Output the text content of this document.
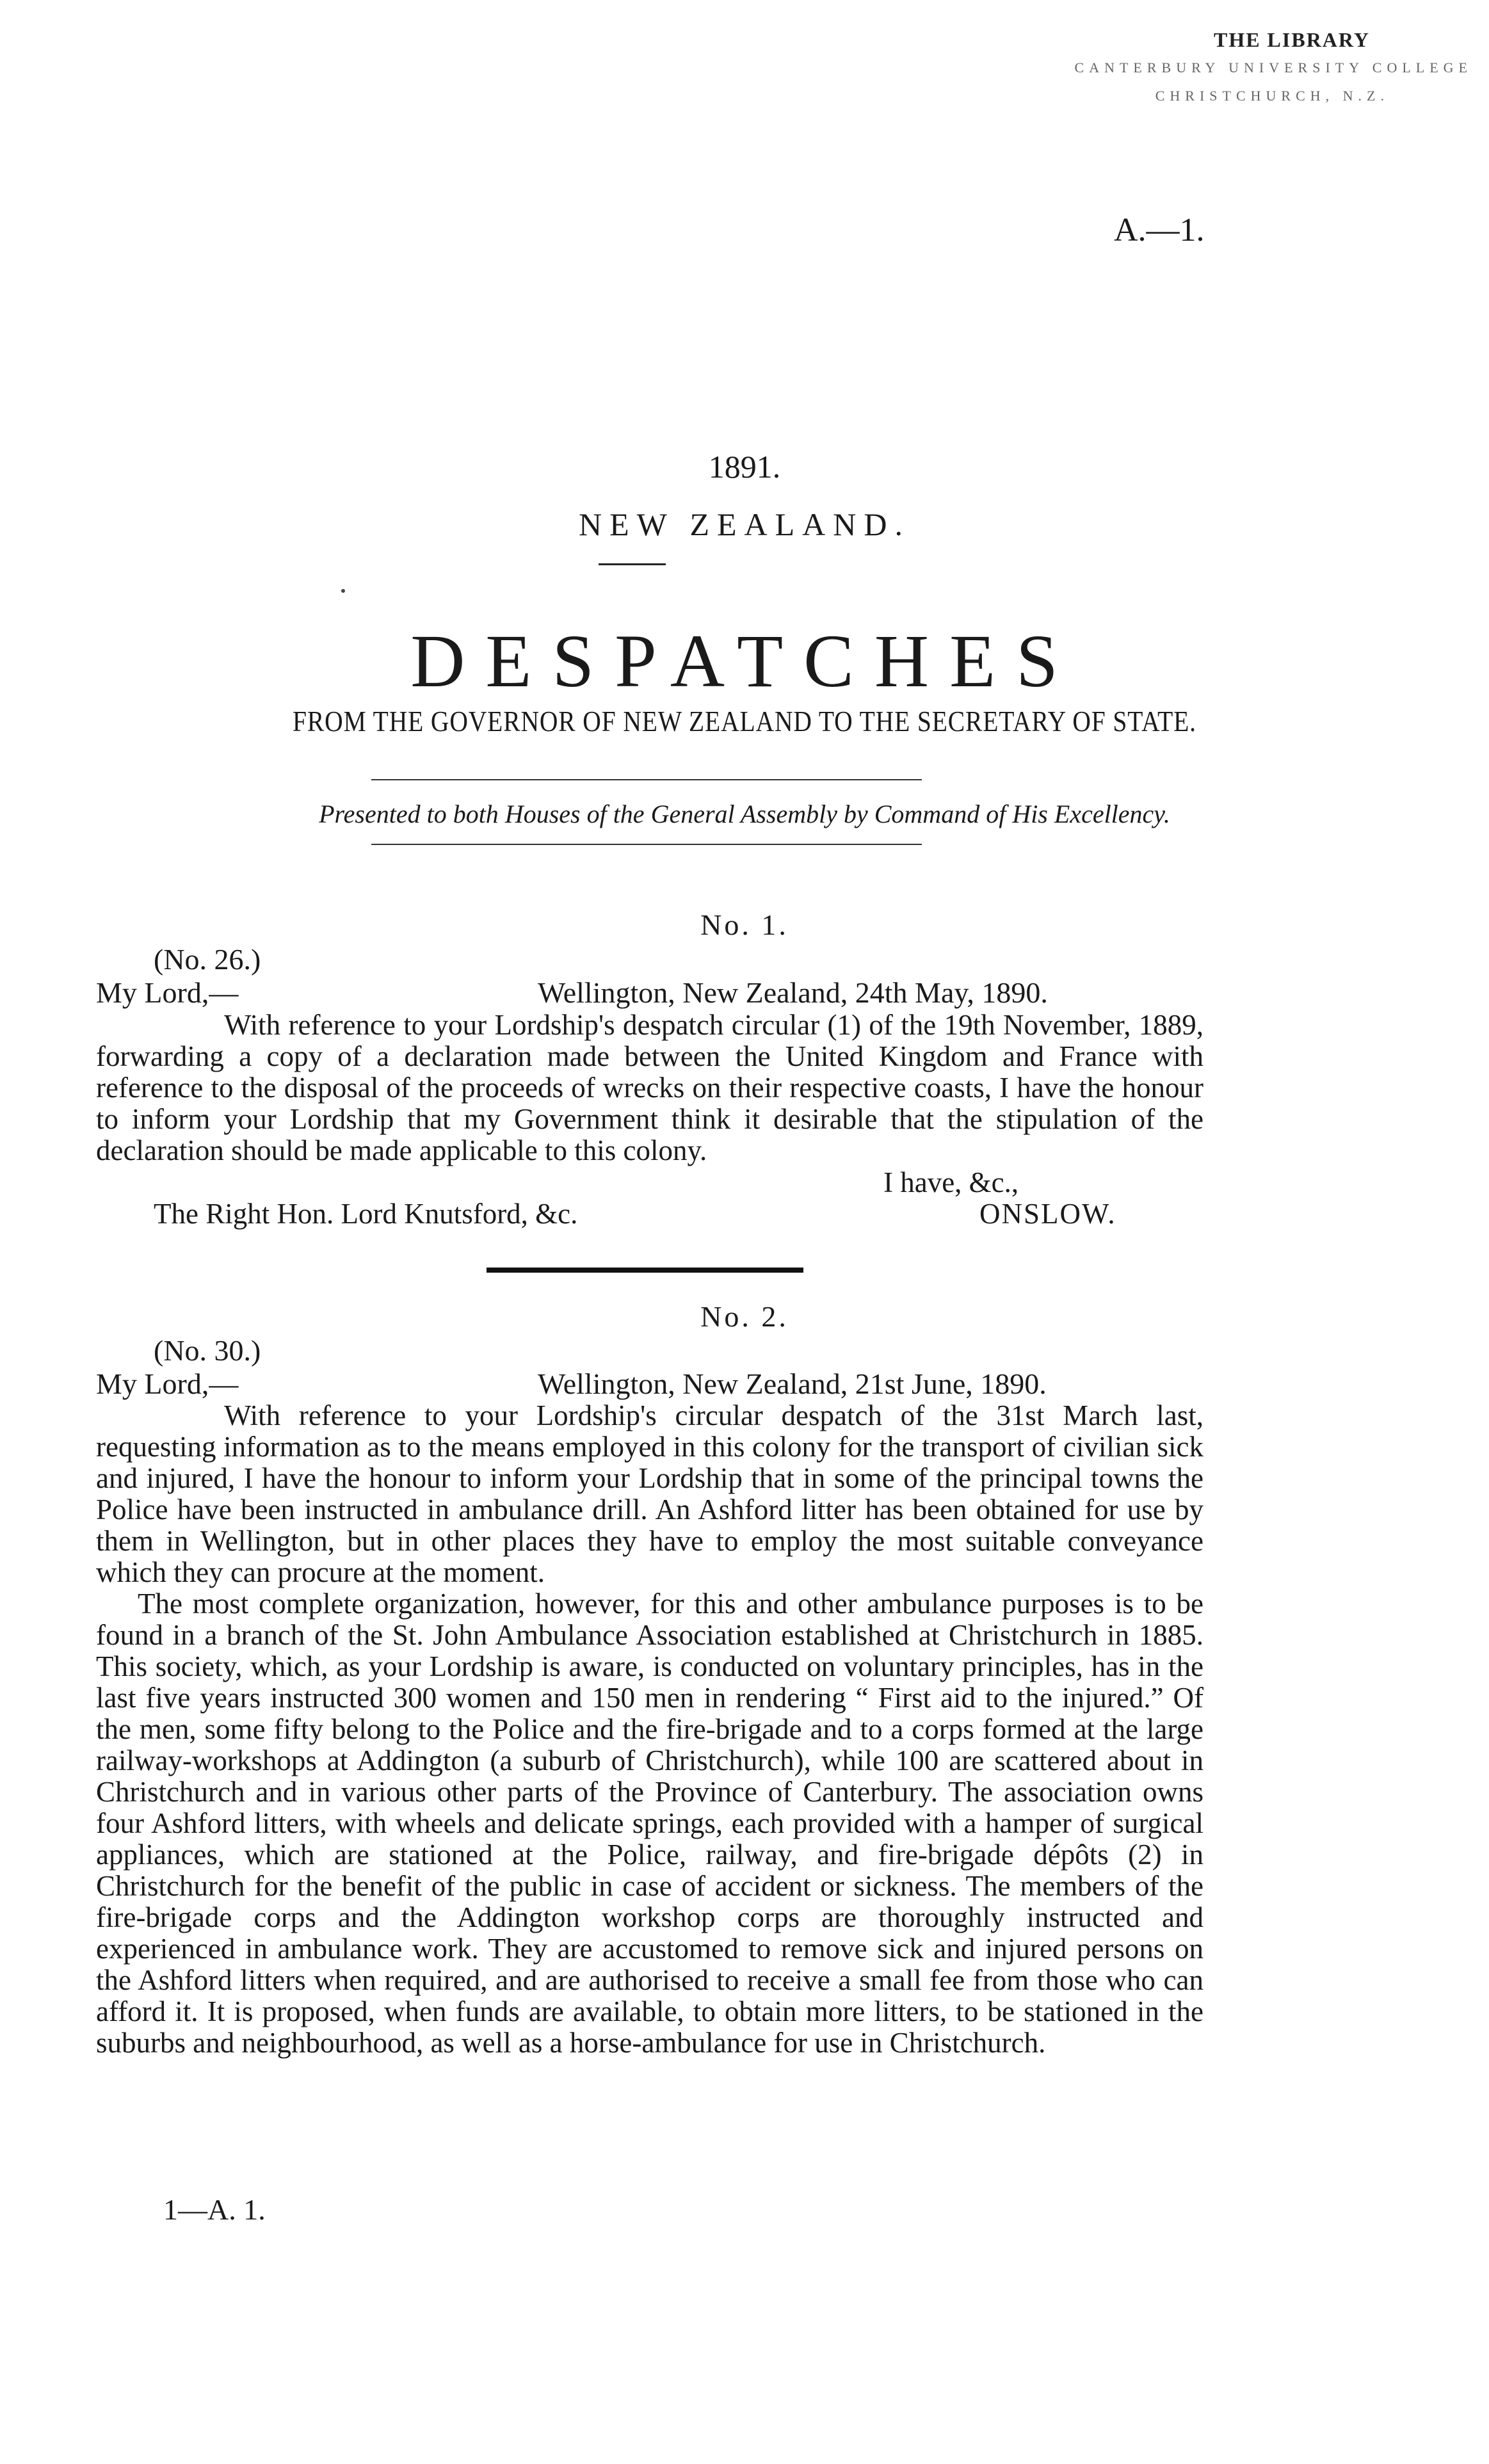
THE LIBRARY
CANTERBURY UNIVERSITY COLLEGE
CHRISTCHURCH, N.Z.
A.—1.
1891.
NEW ZEALAND.
DESPATCHES
FROM THE GOVERNOR OF NEW ZEALAND TO THE SECRETARY OF STATE.
Presented to both Houses of the General Assembly by Command of His Excellency.
No. 1.
(No. 26.)
My Lord,—	Wellington, New Zealand, 24th May, 1890.

With reference to your Lordship's despatch circular (1) of the 19th November, 1889, forwarding a copy of a declaration made between the United Kingdom and France with reference to the disposal of the proceeds of wrecks on their respective coasts, I have the honour to inform your Lordship that my Government think it desirable that the stipulation of the declaration should be made applicable to this colony.

I have, &c.,
The Right Hon. Lord Knutsford, &c.	ONSLOW.
No. 2.
(No. 30.)
My Lord,—	Wellington, New Zealand, 21st June, 1890.

With reference to your Lordship's circular despatch of the 31st March last, requesting information as to the means employed in this colony for the transport of civilian sick and injured, I have the honour to inform your Lordship that in some of the principal towns the Police have been instructed in ambulance drill. An Ashford litter has been obtained for use by them in Wellington, but in other places they have to employ the most suitable conveyance which they can procure at the moment.

The most complete organization, however, for this and other ambulance purposes is to be found in a branch of the St. John Ambulance Association established at Christchurch in 1885. This society, which, as your Lordship is aware, is conducted on voluntary principles, has in the last five years instructed 300 women and 150 men in rendering “ First aid to the injured.” Of the men, some fifty belong to the Police and the fire-brigade and to a corps formed at the large railway-workshops at Addington (a suburb of Christchurch), while 100 are scattered about in Christchurch and in various other parts of the Province of Canterbury. The association owns four Ashford litters, with wheels and delicate springs, each provided with a hamper of surgical appliances, which are stationed at the Police, railway, and fire-brigade dépôts (2) in Christchurch for the benefit of the public in case of accident or sickness. The members of the fire-brigade corps and the Addington workshop corps are thoroughly instructed and experienced in ambulance work. They are accustomed to remove sick and injured persons on the Ashford litters when required, and are authorised to receive a small fee from those who can afford it. It is proposed, when funds are available, to obtain more litters, to be stationed in the suburbs and neighbourhood, as well as a horse-ambulance for use in Christchurch.

1—A. 1.
